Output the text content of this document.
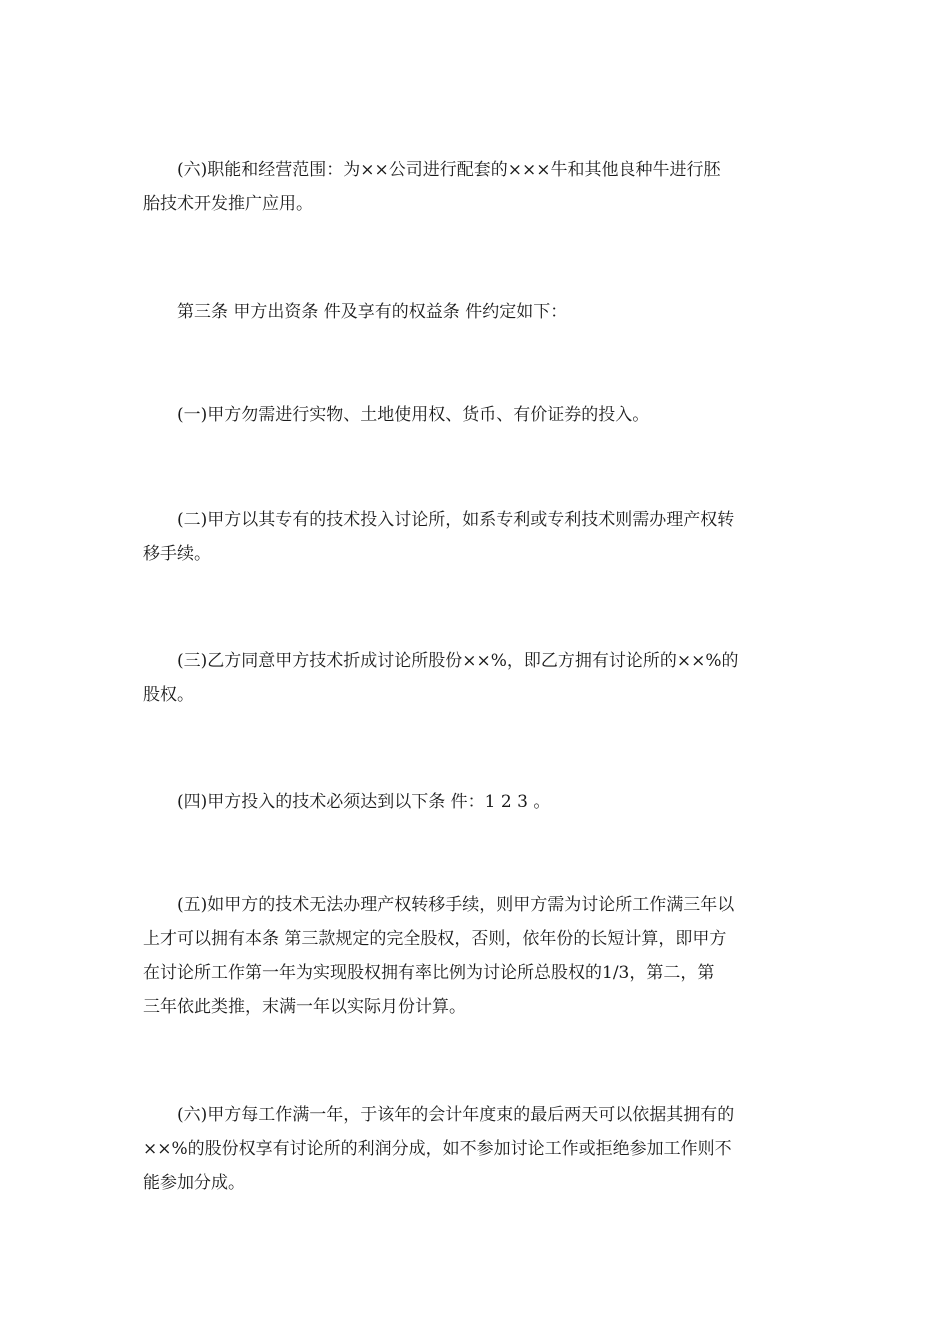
(六)职能和经营范围：为××公司进行配套的×××牛和其他良种牛进行胚
胎技术开发推广应用。

第三条 甲方出资条 件及享有的权益条 件约定如下：

(一)甲方勿需进行实物、土地使用权、货币、有价证券的投入。

(二)甲方以其专有的技术投入讨论所，如系专利或专利技术则需办理产权转
移手续。

(三)乙方同意甲方技术折成讨论所股份××%，即乙方拥有讨论所的××%的
股权。

(四)甲方投入的技术必须达到以下条 件：1 2 3 。

(五)如甲方的技术无法办理产权转移手续，则甲方需为讨论所工作满三年以
上才可以拥有本条 第三款规定的完全股权，否则，依年份的长短计算，即甲方
在讨论所工作第一年为实现股权拥有率比例为讨论所总股权的1/3，第二，第
三年依此类推，末满一年以实际月份计算。

(六)甲方每工作满一年，于该年的会计年度束的最后两天可以依据其拥有的
××%的股份权享有讨论所的利润分成，如不参加讨论工作或拒绝参加工作则不
能参加分成。
